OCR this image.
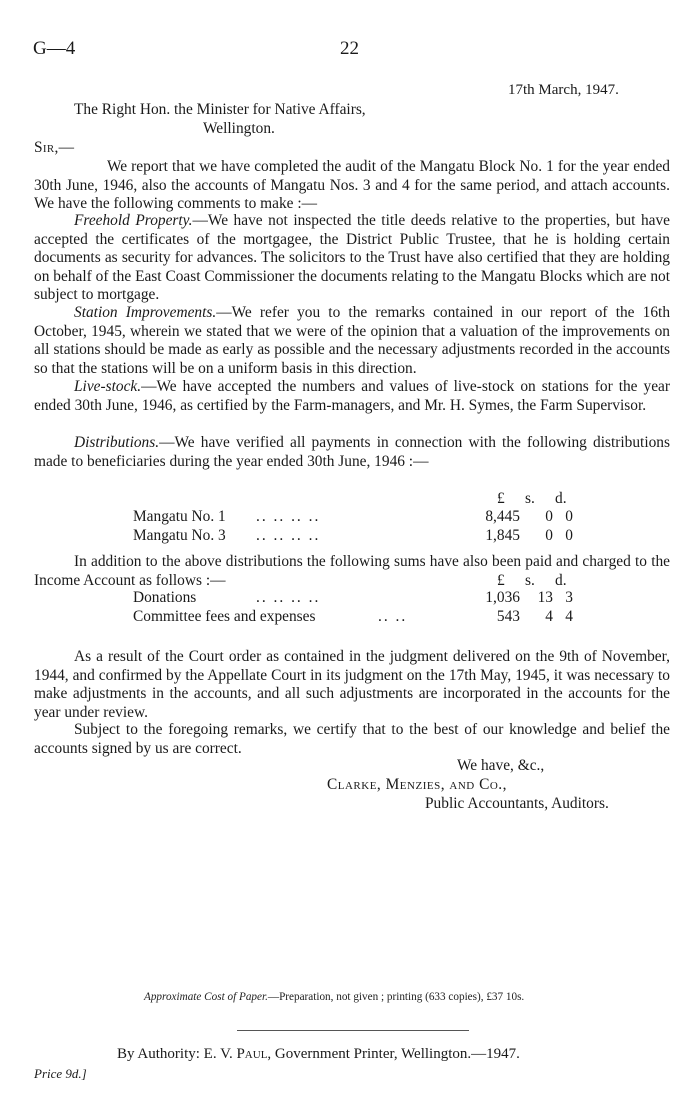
G—4	22
17th March, 1947.
The Right Hon. the Minister for Native Affairs,
Wellington.
Sir,—
We report that we have completed the audit of the Mangatu Block No. 1 for the year ended 30th June, 1946, also the accounts of Mangatu Nos. 3 and 4 for the same period, and attach accounts. We have the following comments to make :—
Freehold Property.—We have not inspected the title deeds relative to the properties, but have accepted the certificates of the mortgagee, the District Public Trustee, that he is holding certain documents as security for advances. The solicitors to the Trust have also certified that they are holding on behalf of the East Coast Commissioner the documents relating to the Mangatu Blocks which are not subject to mortgage.
Station Improvements.—We refer you to the remarks contained in our report of the 16th October, 1945, wherein we stated that we were of the opinion that a valuation of the improvements on all stations should be made as early as possible and the necessary adjustments recorded in the accounts so that the stations will be on a uniform basis in this direction.
Live-stock.—We have accepted the numbers and values of live-stock on stations for the year ended 30th June, 1946, as certified by the Farm-managers, and Mr. H. Symes, the Farm Supervisor.
Distributions.—We have verified all payments in connection with the following distributions made to beneficiaries during the year ended 30th June, 1946 :—
£ s. d.
Mangatu No. 1 .. .. .. ..	8,445	0 0
Mangatu No. 3 .. .. .. ..	1,845	0 0
In addition to the above distributions the following sums have also been paid and charged to the Income Account as follows :—	£ s. d.
Donations	.. .. .. ..	1,036	13 3
Committee fees and expenses	.. ..	543	4 4
As a result of the Court order as contained in the judgment delivered on the 9th of November, 1944, and confirmed by the Appellate Court in its judgment on the 17th May, 1945, it was necessary to make adjustments in the accounts, and all such adjustments are incorporated in the accounts for the year under review.
Subject to the foregoing remarks, we certify that to the best of our knowledge and belief the accounts signed by us are correct.
We have, &c.,
Clarke, Menzies, and Co.,
Public Accountants, Auditors.
Approximate Cost of Paper.—Preparation, not given ; printing (633 copies), £37 10s.
By Authority: E. V. Paul, Government Printer, Wellington.—1947.
Price 9d.]
